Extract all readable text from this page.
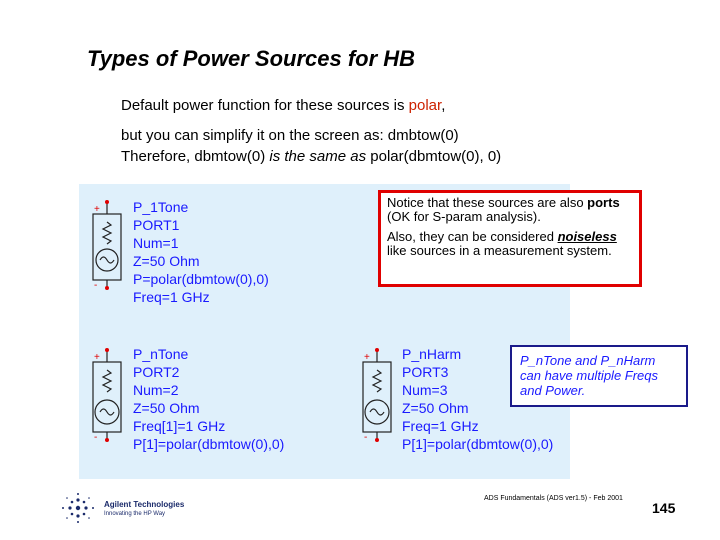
Types of Power Sources for HB
Default power function for these sources is polar,
but you can simplify it on the screen as: dmbtow(0)
Therefore, dbmtow(0) is the same as polar(dbmtow(0), 0)
+
-
P_1Tone
PORT1
Num=1
Z=50 Ohm
P=polar(dbmtow(0),0)
Freq=1 GHz
+
-
P_nTone
PORT2
Num=2
Z=50 Ohm
Freq[1]=1 GHz
P[1]=polar(dbmtow(0),0)
+
-
P_nHarm
PORT3
Num=3
Z=50 Ohm
Freq=1 GHz
P[1]=polar(dbmtow(0),0)

Notice that these sources are also ports (OK for S-param analysis).

Also, they can be considered noiseless like sources in a measurement system.

P_nTone and P_nHarm can have multiple Freqs and Power.
Agilent Technologies
Innovating the HP Way
ADS Fundamentals (ADS ver1.5) - Feb 2001
145
